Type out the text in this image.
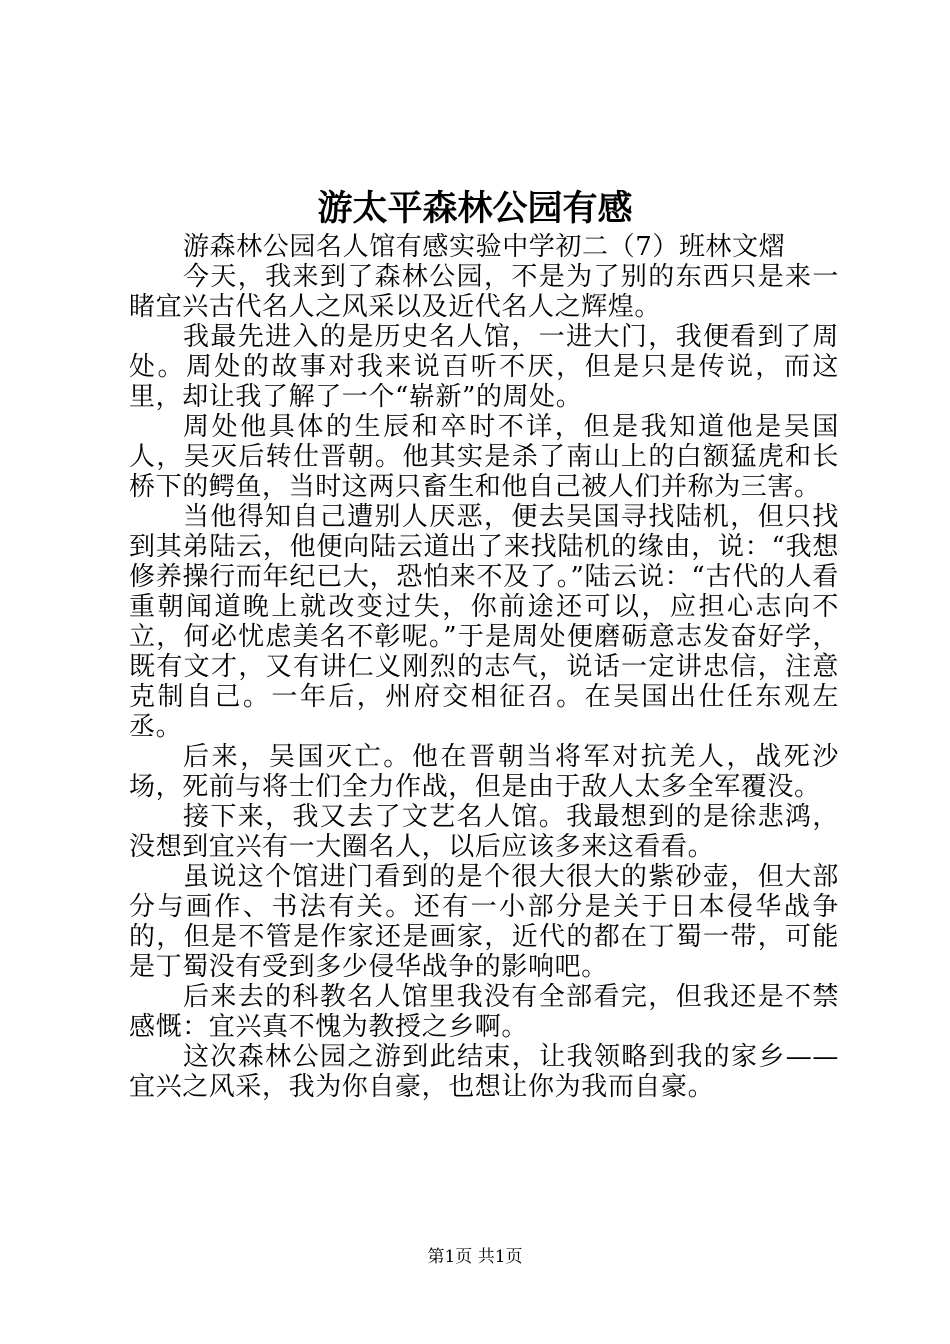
游太平森林公园有感

游森林公园名人馆有感实验中学初二（7）班林文熠

今天，我来到了森林公园，不是为了别的东西只是来一睹宜兴古代名人之风采以及近代名人之辉煌。

我最先进入的是历史名人馆，一进大门，我便看到了周处。周处的故事对我来说百听不厌，但是只是传说，而这里，却让我了解了一个“崭新”的周处。

周处他具体的生辰和卒时不详，但是我知道他是吴国人，吴灭后转仕晋朝。他其实是杀了南山上的白额猛虎和长桥下的鳄鱼，当时这两只畜生和他自己被人们并称为三害。

当他得知自己遭别人厌恶，便去吴国寻找陆机，但只找到其弟陆云，他便向陆云道出了来找陆机的缘由，说：“我想修养操行而年纪已大，恐怕来不及了。”陆云说：“古代的人看重朝闻道晚上就改变过失，你前途还可以，应担心志向不立，何必忧虑美名不彰呢。”于是周处便磨砺意志发奋好学，既有文才，又有讲仁义刚烈的志气，说话一定讲忠信，注意克制自己。一年后，州府交相征召。在吴国出仕任东观左丞。

后来，吴国灭亡。他在晋朝当将军对抗羌人，战死沙场，死前与将士们全力作战，但是由于敌人太多全军覆没。

接下来，我又去了文艺名人馆。我最想到的是徐悲鸿，没想到宜兴有一大圈名人，以后应该多来这看看。

虽说这个馆进门看到的是个很大很大的紫砂壶，但大部分与画作、书法有关。还有一小部分是关于日本侵华战争的，但是不管是作家还是画家，近代的都在丁蜀一带，可能是丁蜀没有受到多少侵华战争的影响吧。

后来去的科教名人馆里我没有全部看完，但我还是不禁感慨：宜兴真不愧为教授之乡啊。

这次森林公园之游到此结束，让我领略到我的家乡——宜兴之风采，我为你自豪，也想让你为我而自豪。

第1页 共1页
